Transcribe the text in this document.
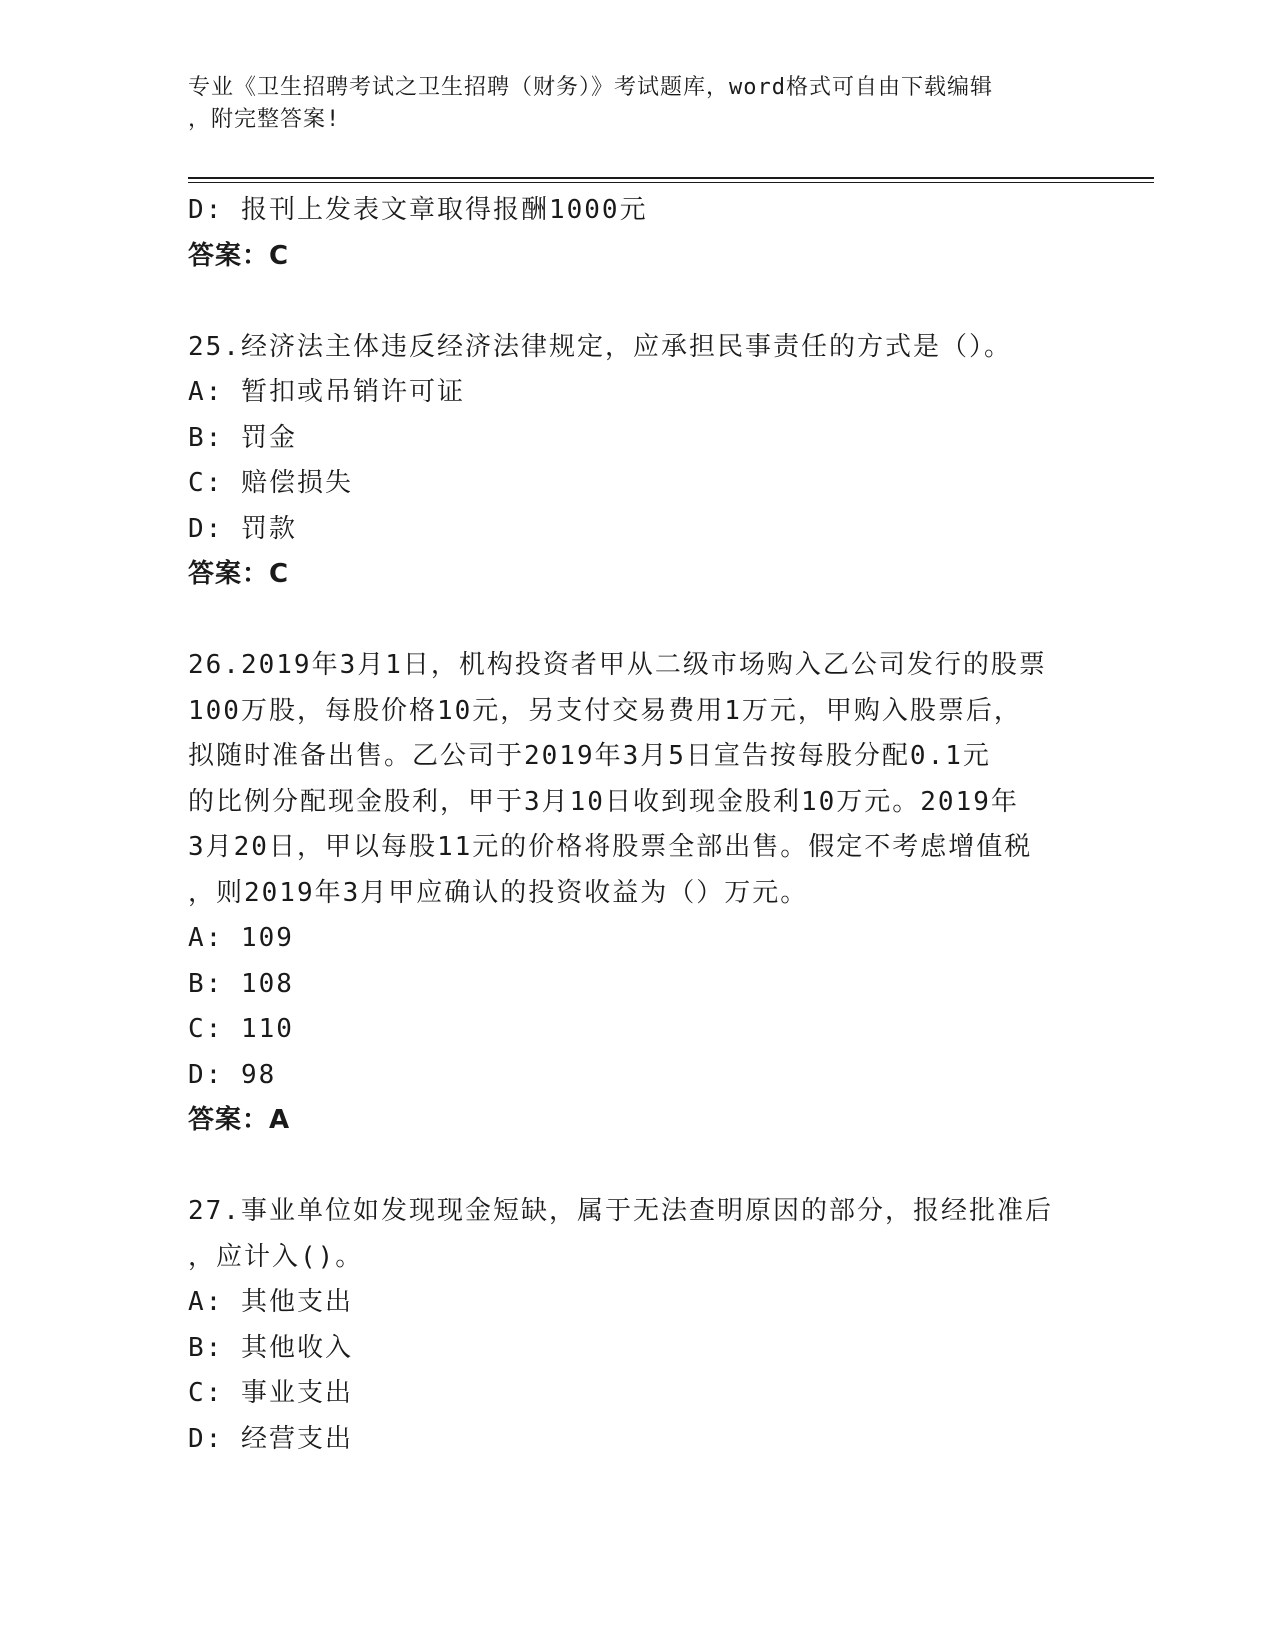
专业《卫生招聘考试之卫生招聘（财务）》考试题库，word格式可自由下载编辑
，附完整答案!
D: 报刊上发表文章取得报酬1000元
答案：C
25.经济法主体违反经济法律规定，应承担民事责任的方式是（）。
A: 暂扣或吊销许可证
B: 罚金
C: 赔偿损失
D: 罚款
答案：C
26.2019年3月1日，机构投资者甲从二级市场购入乙公司发行的股票
100万股，每股价格10元，另支付交易费用1万元，甲购入股票后，
拟随时准备出售。乙公司于2019年3月5日宣告按每股分配0.1元
的比例分配现金股利，甲于3月10日收到现金股利10万元。2019年
3月20日，甲以每股11元的价格将股票全部出售。假定不考虑增值税
，则2019年3月甲应确认的投资收益为（）万元。
A: 109
B: 108
C: 110
D: 98
答案：A
27.事业单位如发现现金短缺，属于无法查明原因的部分，报经批准后
，应计入()。
A: 其他支出
B: 其他收入
C: 事业支出
D: 经营支出
